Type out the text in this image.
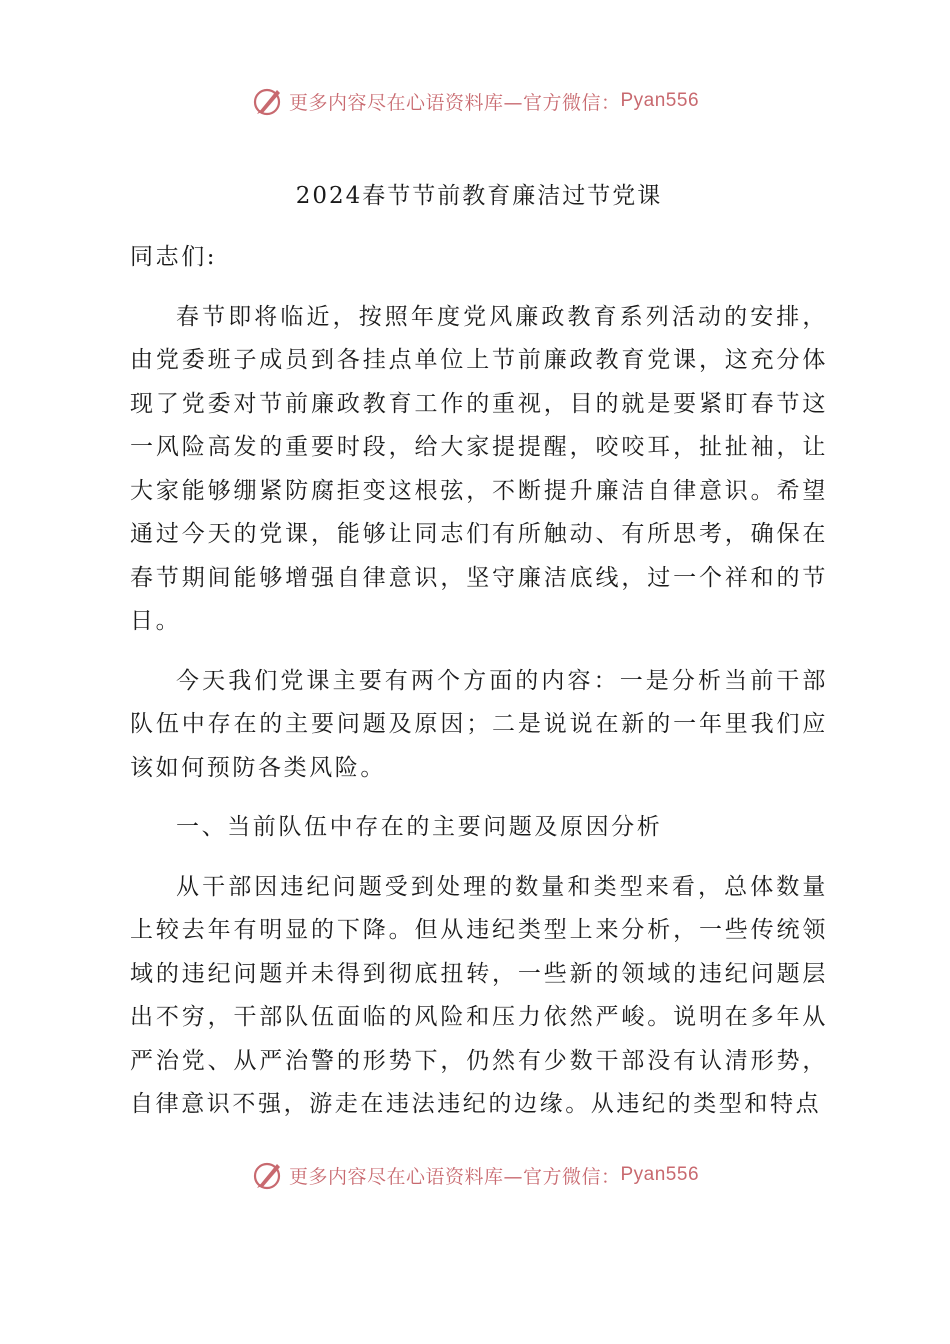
更多内容尽在心语资料库—官方微信： Pyan556
2024春节节前教育廉洁过节党课

同志们:

春节即将临近，按照年度党风廉政教育系列活动的安排，由党委班子成员到各挂点单位上节前廉政教育党课，这充分体现了党委对节前廉政教育工作的重视，目的就是要紧盯春节这一风险高发的重要时段，给大家提提醒，咬咬耳，扯扯袖，让大家能够绷紧防腐拒变这根弦，不断提升廉洁自律意识。希望通过今天的党课，能够让同志们有所触动、有所思考，确保在春节期间能够增强自律意识，坚守廉洁底线，过一个祥和的节日。

今天我们党课主要有两个方面的内容：一是分析当前干部队伍中存在的主要问题及原因；二是说说在新的一年里我们应该如何预防各类风险。

一、当前队伍中存在的主要问题及原因分析

从干部因违纪问题受到处理的数量和类型来看，总体数量上较去年有明显的下降。但从违纪类型上来分析，一些传统领域的违纪问题并未得到彻底扭转，一些新的领域的违纪问题层出不穷，干部队伍面临的风险和压力依然严峻。说明在多年从严治党、从严治警的形势下，仍然有少数干部没有认清形势，自律意识不强，游走在违法违纪的边缘。从违纪的类型和特点

更多内容尽在心语资料库—官方微信： Pyan556
